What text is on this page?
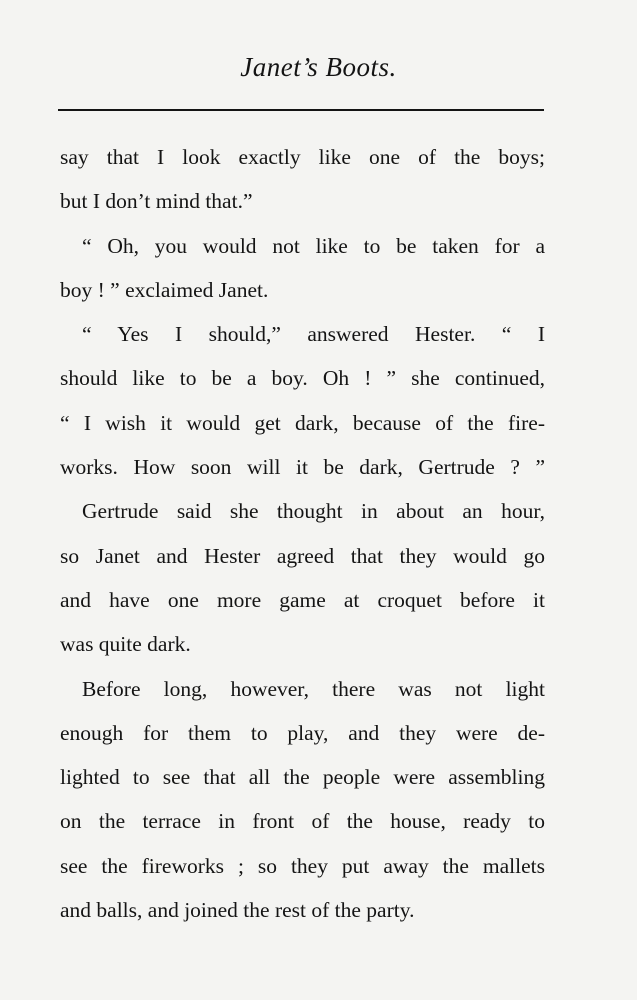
Janet’s Boots.
say that I look exactly like one of the boys;
but I don’t mind that.”
“ Oh, you would not like to be taken for a
boy ! ” exclaimed Janet.
“ Yes I should,” answered Hester. “ I
should like to be a boy. Oh ! ” she continued,
“ I wish it would get dark, because of the fire-
works. How soon will it be dark, Gertrude ? ”
Gertrude said she thought in about an hour,
so Janet and Hester agreed that they would go
and have one more game at croquet before it
was quite dark.
Before long, however, there was not light
enough for them to play, and they were de-
lighted to see that all the people were assembling
on the terrace in front of the house, ready to
see the fireworks ; so they put away the mallets
and balls, and joined the rest of the party.
